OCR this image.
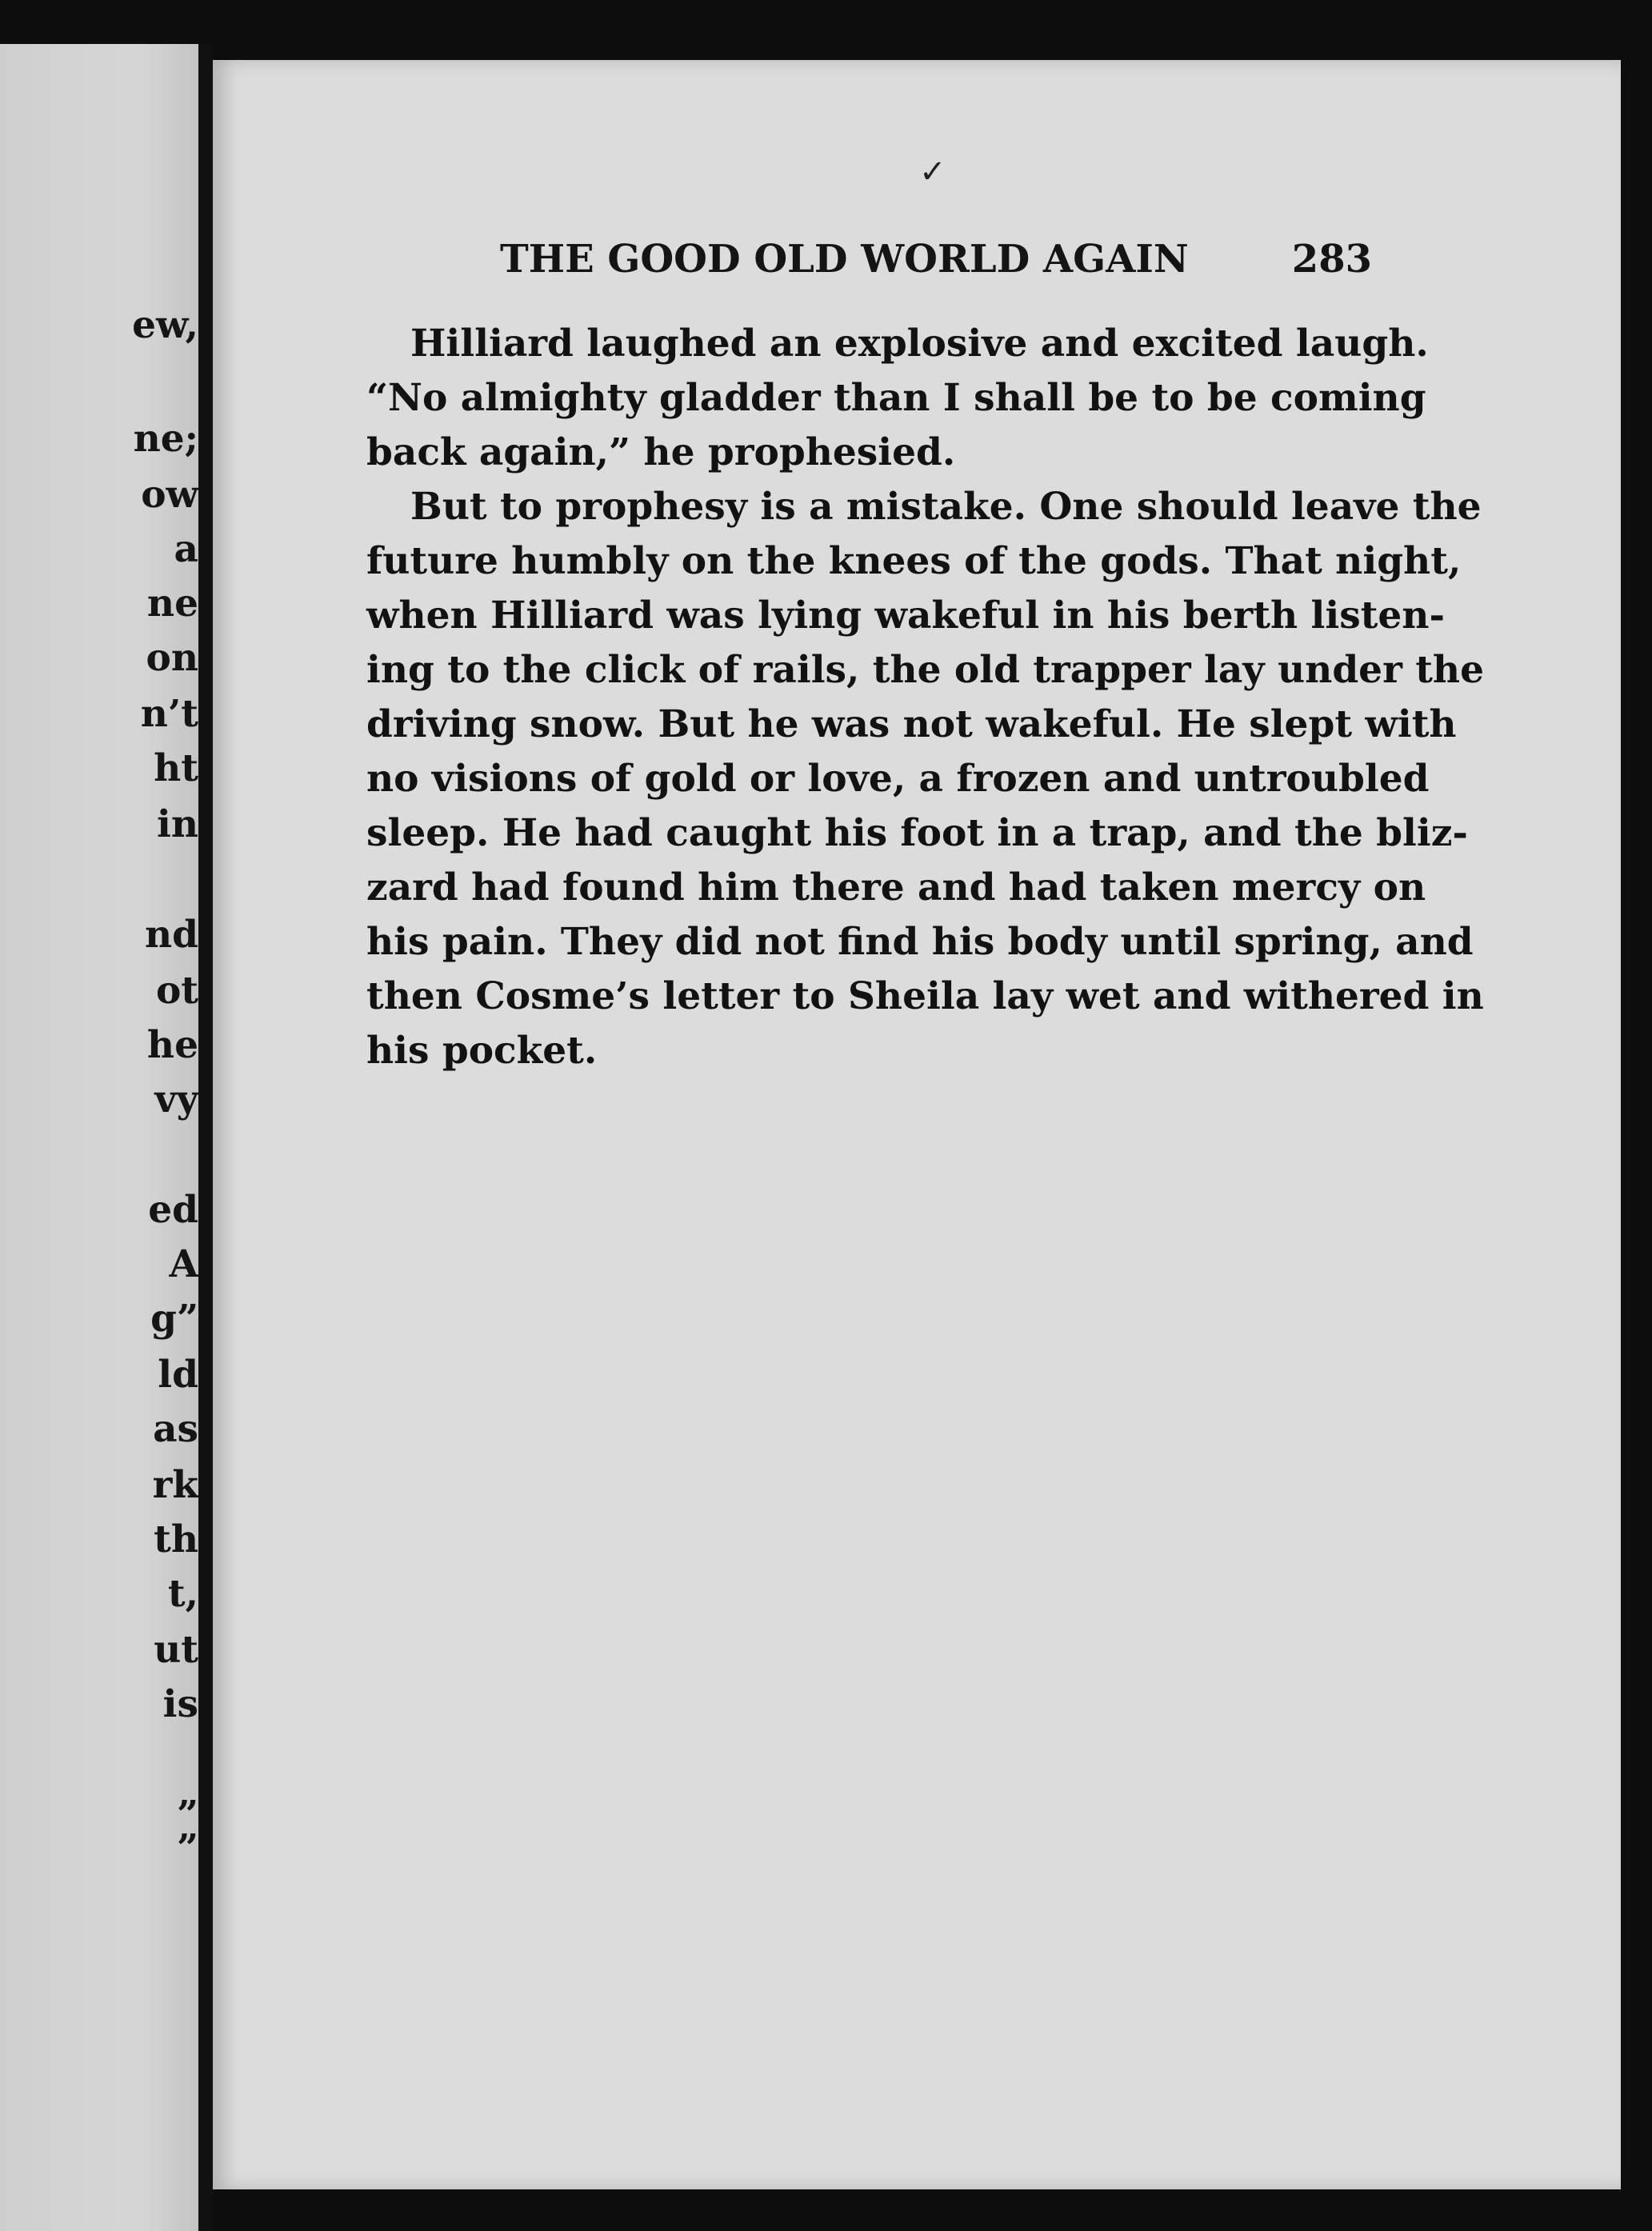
ew,
ne;
ow
a
ne
on
n’t
ht
in
nd
ot
he
vy
ed
A
g”
ld
as
rk
th
t,
ut
is
”
”
✓
THE GOOD OLD WORLD AGAIN	283
Hilliard laughed an explosive and excited laugh.
“No almighty gladder than I shall be to be coming
back again,” he prophesied.
But to prophesy is a mistake. One should leave the
future humbly on the knees of the gods. That night,
when Hilliard was lying wakeful in his berth listen-
ing to the click of rails, the old trapper lay under the
driving snow. But he was not wakeful. He slept with
no visions of gold or love, a frozen and untroubled
sleep. He had caught his foot in a trap, and the bliz-
zard had found him there and had taken mercy on
his pain. They did not find his body until spring, and
then Cosme’s letter to Sheila lay wet and withered in
his pocket.
